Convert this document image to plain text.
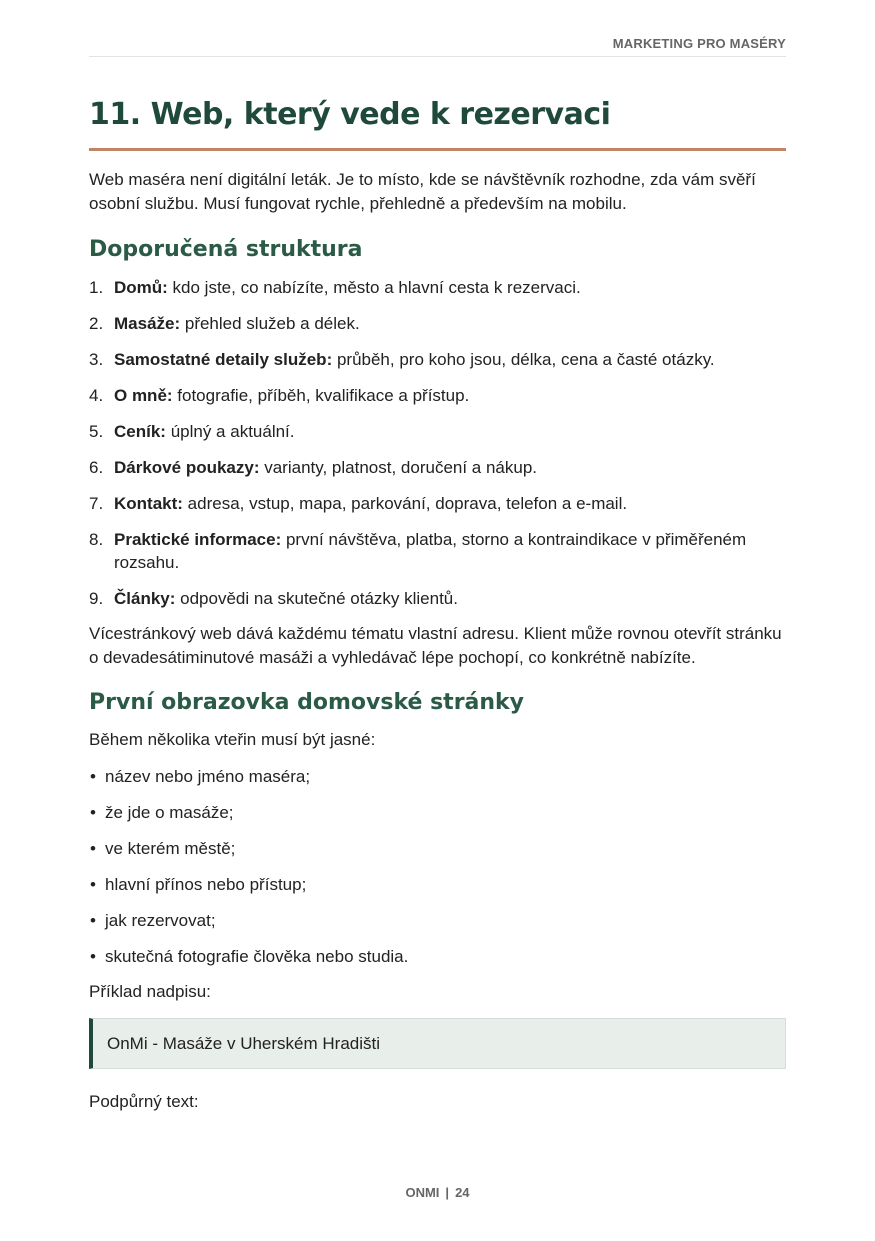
MARKETING PRO MASÉRY
11. Web, který vede k rezervaci

Web maséra není digitální leták. Je to místo, kde se návštěvník rozhodne, zda vám svěří osobní službu. Musí fungovat rychle, přehledně a především na mobilu.

Doporučená struktura
1. Domů: kdo jste, co nabízíte, město a hlavní cesta k rezervaci.
2. Masáže: přehled služeb a délek.
3. Samostatné detaily služeb: průběh, pro koho jsou, délka, cena a časté otázky.
4. O mně: fotografie, příběh, kvalifikace a přístup.
5. Ceník: úplný a aktuální.
6. Dárkové poukazy: varianty, platnost, doručení a nákup.
7. Kontakt: adresa, vstup, mapa, parkování, doprava, telefon a e-mail.
8. Praktické informace: první návštěva, platba, storno a kontraindikace v přiměřeném rozsahu.
9. Články: odpovědi na skutečné otázky klientů.

Vícestránkový web dává každému tématu vlastní adresu. Klient může rovnou otevřít stránku o devadesátiminutové masáži a vyhledávač lépe pochopí, co konkrétně nabízíte.

První obrazovka domovské stránky

Během několika vteřin musí být jasné:

• název nebo jméno maséra;
• že jde o masáže;
• ve kterém městě;
• hlavní přínos nebo přístup;
• jak rezervovat;
• skutečná fotografie člověka nebo studia.

Příklad nadpisu:

OnMi - Masáže v Uherském Hradišti

Podpůrný text:

ONMI | 24
